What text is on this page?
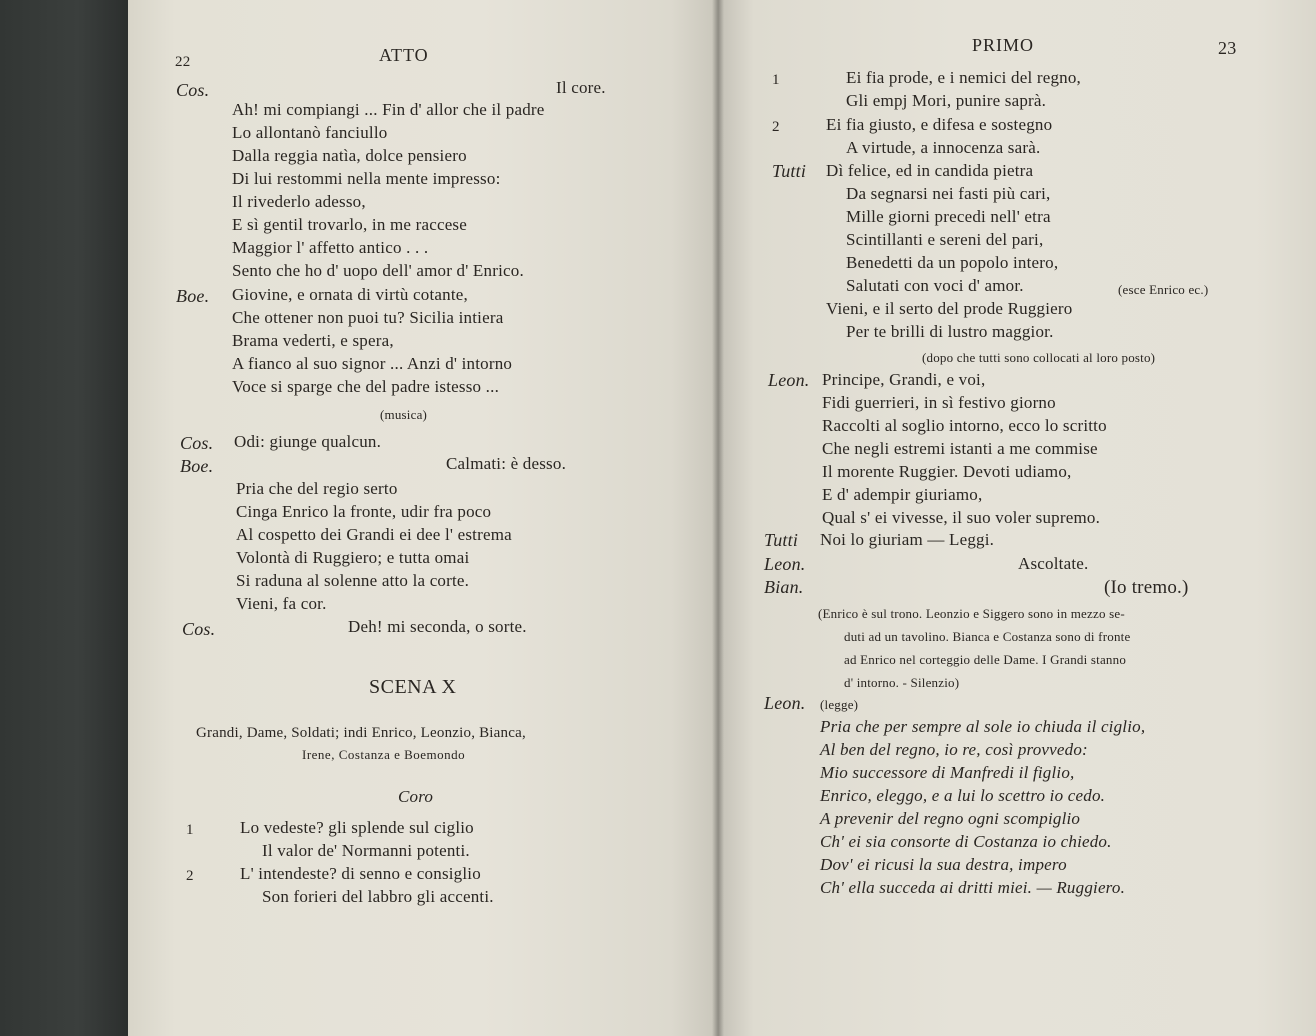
22	ATTO
Cos.	Il core.
Ah! mi compiangi ... Fin d' allor che il padre
Lo allontanò fanciullo
Dalla reggia natìa, dolce pensiero
Di lui restommi nella mente impresso:
Il rivederlo adesso,
E sì gentil trovarlo, in me raccese
Maggior l' affetto antico . . .
Sento che ho d' uopo dell' amor d' Enrico.
Boe. Giovine, e ornata di virtù cotante,
Che ottener non puoi tu? Sicilia intiera
Brama vederti, e spera,
A fianco al suo signor ... Anzi d' intorno
Voce si sparge che del padre istesso ...
(musica)
Cos. Odi: giunge qualcun.
Boe.	Calmati: è desso.
Pria che del regio serto
Cinga Enrico la fronte, udir fra poco
Al cospetto dei Grandi ei dee l' estrema
Volontà di Ruggiero; e tutta omai
Si raduna al solenne atto la corte.
Vieni, fa cor.
Cos.	Deh! mi seconda, o sorte.
SCENA X
Grandi, Dame, Soldati; indi Enrico, Leonzio, Bianca,
Irene, Costanza e Boemondo
Coro
1	Lo vedeste? gli splende sul ciglio
Il valor de' Normanni potenti.
2	L' intendeste? di senno e consiglio
Son forieri del labbro gli accenti.
PRIMO	23
1	Ei fia prode, e i nemici del regno,
Gli empj Mori, punire saprà.
2	Ei fia giusto, e difesa e sostegno
A virtude, a innocenza sarà.
Tutti Dì felice, ed in candida pietra
Da segnarsi nei fasti più cari,
Mille giorni precedi nell' etra
Scintillanti e sereni del pari,
Benedetti da un popolo intero,
Salutati con voci d' amor.	(esce Enrico ec.)
Vieni, e il serto del prode Ruggiero
Per te brilli di lustro maggior.
(dopo che tutti sono collocati al loro posto)
Leon. Principe, Grandi, e voi,
Fidi guerrieri, in sì festivo giorno
Raccolti al soglio intorno, ecco lo scritto
Che negli estremi istanti a me commise
Il morente Ruggier. Devoti udiamo,
E d' adempir giuriamo,
Qual s' ei vivesse, il suo voler supremo.
Tutti Noi lo giuriam — Leggi.
Leon.	Ascoltate.
Bian.	(Io tremo.)
(Enrico è sul trono. Leonzio e Siggero sono in mezzo se-
duti ad un tavolino. Bianca e Costanza sono di fronte
ad Enrico nel corteggio delle Dame. I Grandi stanno
d' intorno. - Silenzio)
Leon. (legge)
Pria che per sempre al sole io chiuda il ciglio,
Al ben del regno, io re, così provvedo:
Mio successore di Manfredi il figlio,
Enrico, eleggo, e a lui lo scettro io cedo.
A prevenir del regno ogni scompiglio
Ch' ei sia consorte di Costanza io chiedo.
Dov' ei ricusi la sua destra, impero
Ch' ella succeda ai dritti miei. — Ruggiero.
